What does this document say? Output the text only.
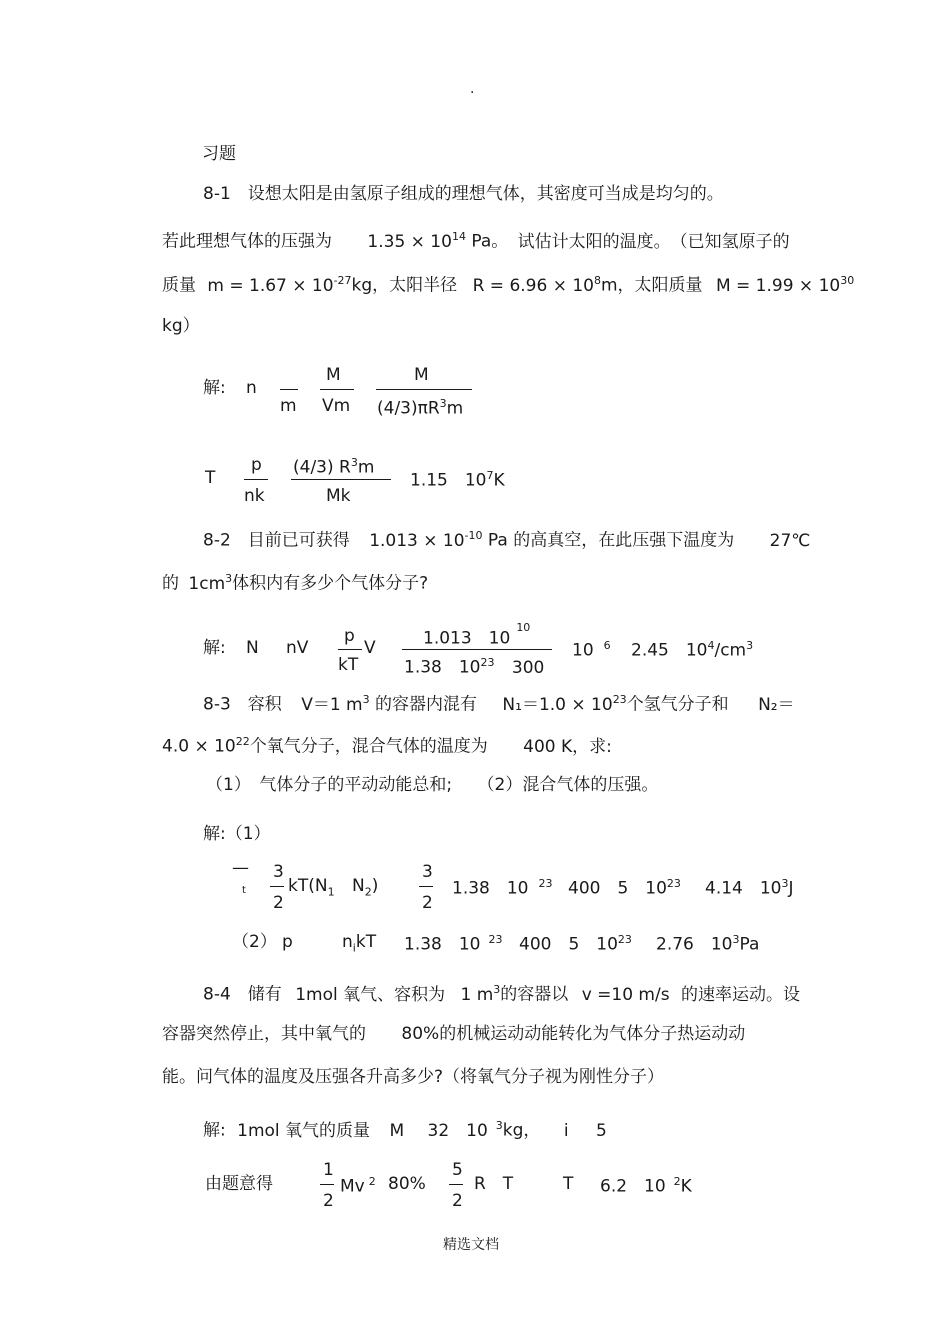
.
习题
8-1　设想太阳是由氢原子组成的理想气体，其密度可当成是均匀的。
若此理想气体的压强为 $1.35 \times 10^{14}$ Pa。 试估计太阳的温度。　（已知氢原子的
质量 $m = 1.67 \times 10^{-27}kg$，太阳半径 $R = 6.96 \times 10^8m$，太阳质量 $M = 1.99 \times 10^{30}$
kg）
解: n
m
M
Vm
M
$(4/3)\pi R^3m$
T
p
nk
(4/3) $R^3m$
Mk
1.15　$10^7K$
8-2　目前已可获得 $1.013 \times 10^{-10}$ Pa 的高真空，在此压强下温度为 27℃
的 $1cm^3$体积内有多少个气体分子?
解: N nV
p
kT
V	1.013　$10^{10}$
1.38　$10^{23}$ 300
10 $^6$ 2.45　$10^4/cm^3$
8-3　容积 V＝1 $m^3$ 的容器内混有 $N_1=1.0 \times 10^{23}$个氢气分子和 N₂＝
$4.0 \times 10^{22}$个氧气分子，混合气体的温度为 400 K，求:
（1）　气体分子的平动动能总和;　　（2）混合气体的压强。
解:（1）
—
t
3
2
$kT(N_1$ $N_2$)
3
2
1.38　10 $^{23}$ 400　5　$10^{23}$ 4.14　$10^3J$
（2） p	$n_ikT$ 1.38　10 $^{23}$ 400　5　$10^{23}$ 2.76　$10^3Pa$
8-4　储有 1mol 氧气、容积为 1 $m^3$的容器以 v =10 m/s 的速率运动。设
容器突然停止，其中氧气的 80%的机械运动动能转化为气体分子热运动动
能。问气体的温度及压强各升高多少?（将氧气分子视为刚性分子）
解: 1mol 氧气的质量 M 32　10 $^3$kg， i 5
由题意得
1
2
Mv $^2$ 80%
5
2
R　T	T 6.2　10 $^2$K
精选文档
